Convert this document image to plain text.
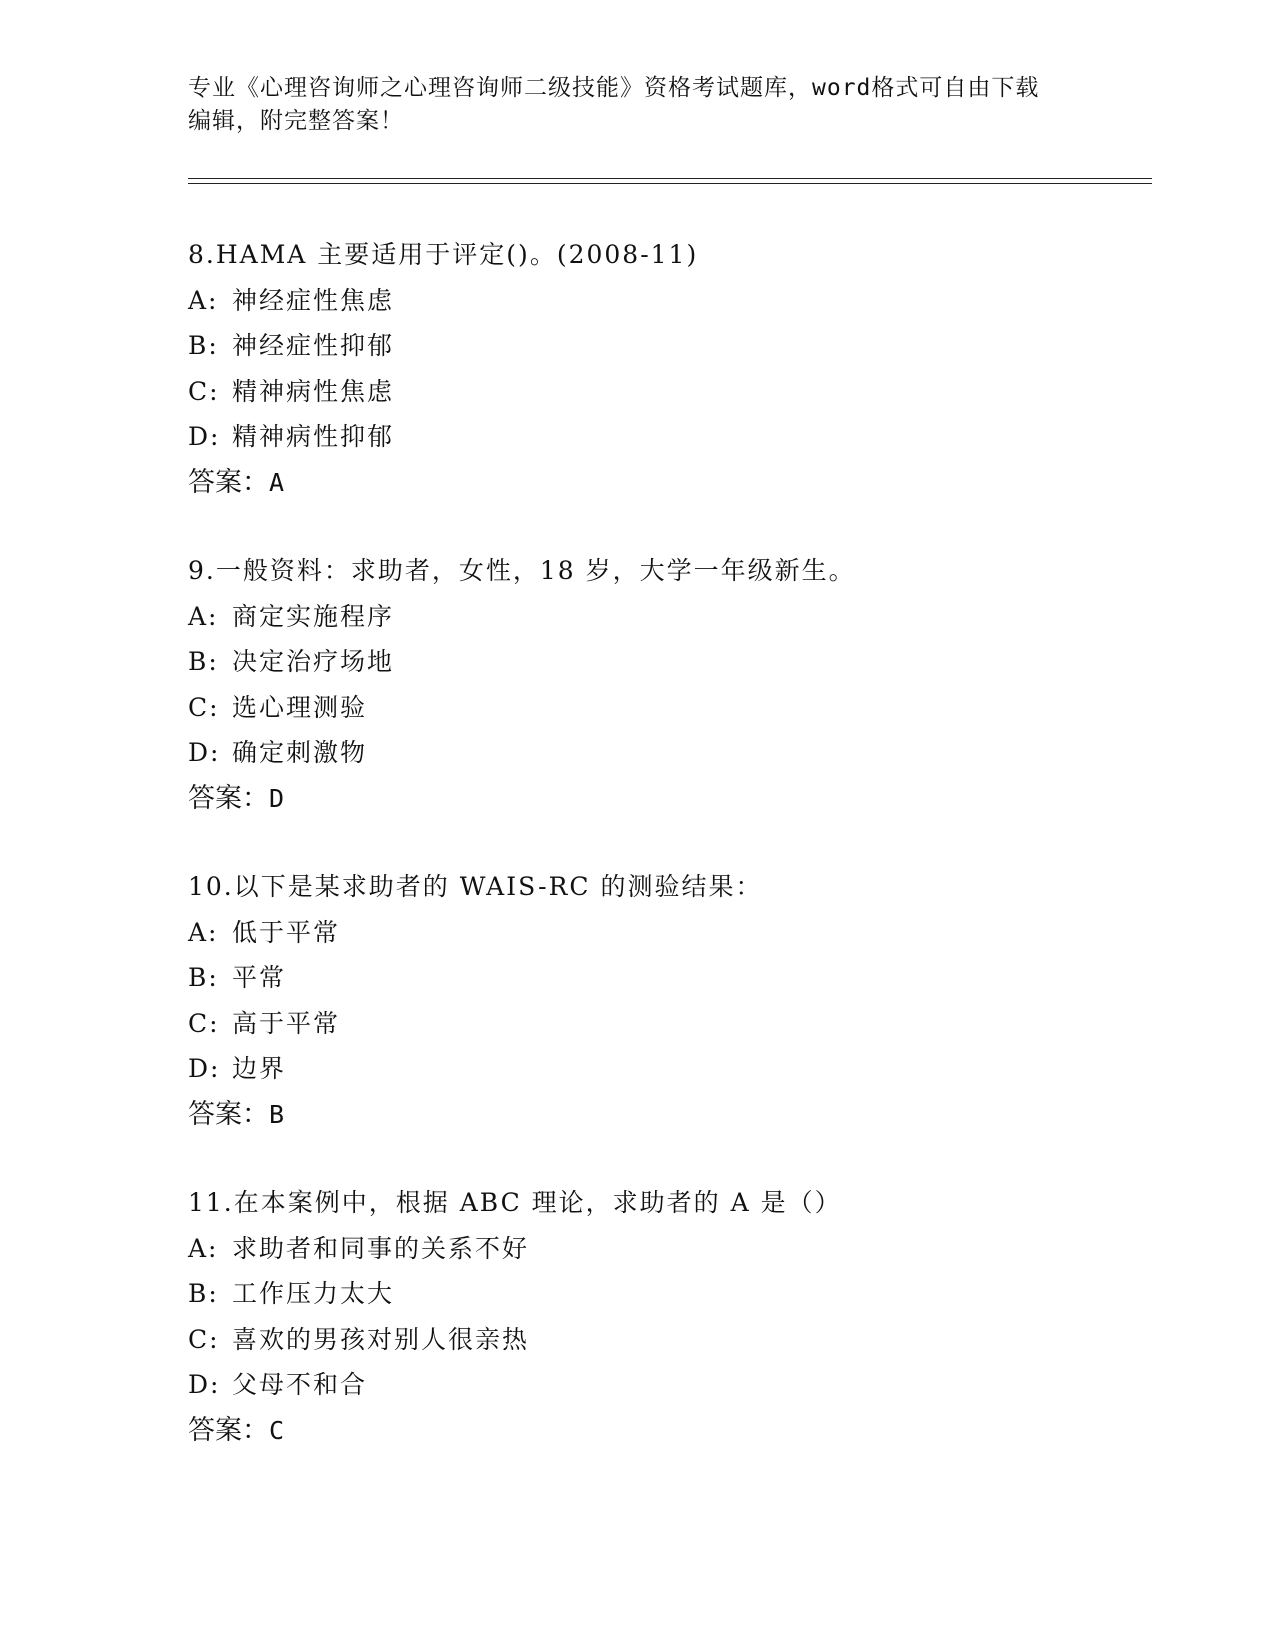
专业《心理咨询师之心理咨询师二级技能》资格考试题库，word格式可自由下载
编辑，附完整答案！
8.HAMA 主要适用于评定()。(2008-11)
A: 神经症性焦虑
B: 神经症性抑郁
C: 精神病性焦虑
D: 精神病性抑郁
答案：A
9.一般资料：求助者，女性，18 岁，大学一年级新生。
A: 商定实施程序
B: 决定治疗场地
C: 选心理测验
D: 确定刺激物
答案：D
10.以下是某求助者的 WAIS-RC 的测验结果：
A: 低于平常
B: 平常
C: 高于平常
D: 边界
答案：B
11.在本案例中，根据 ABC 理论，求助者的 A 是（）
A: 求助者和同事的关系不好
B: 工作压力太大
C: 喜欢的男孩对别人很亲热
D: 父母不和合
答案：C
